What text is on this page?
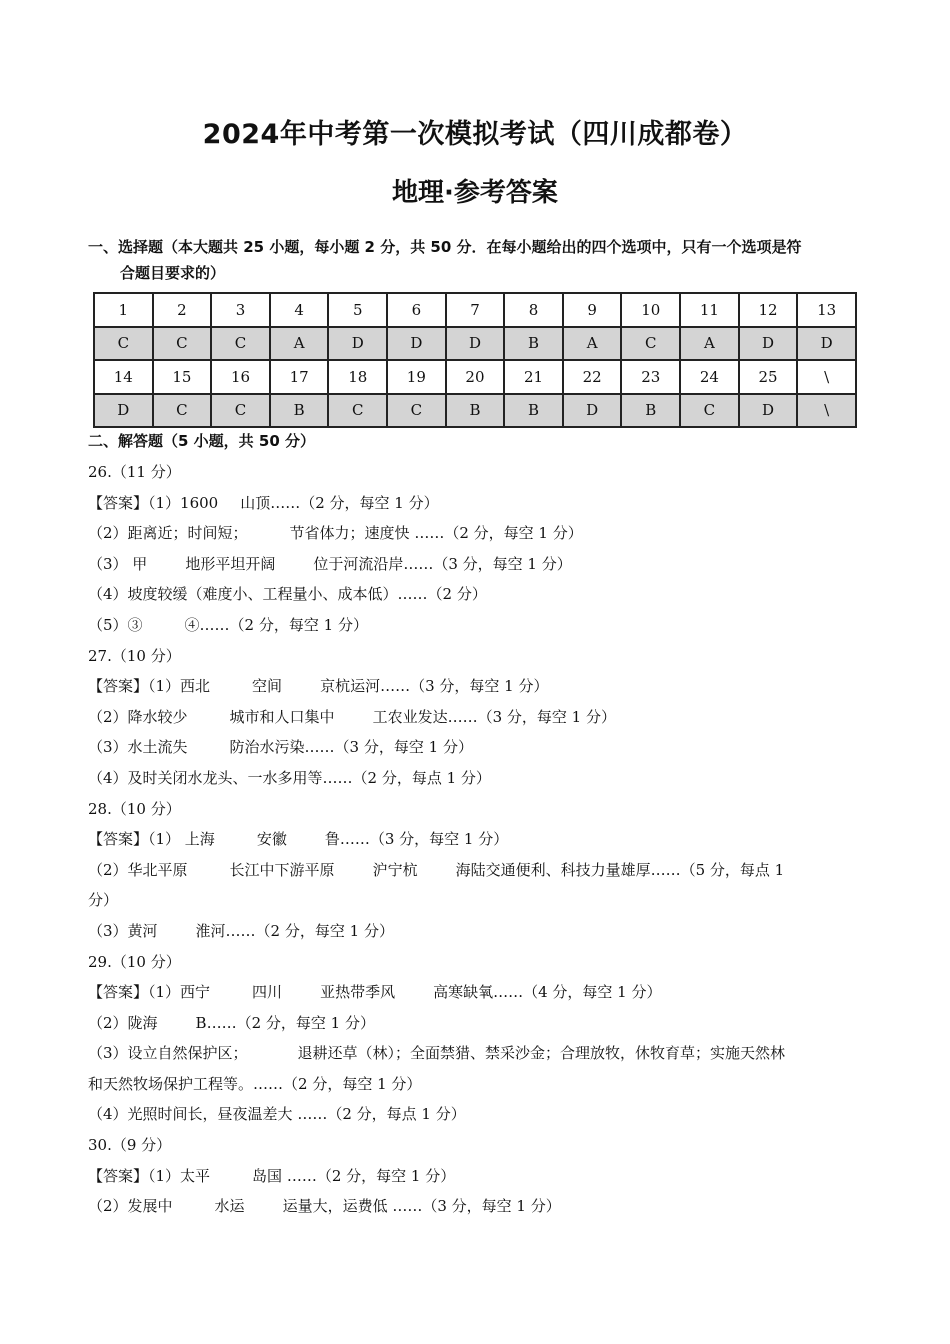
2024年中考第一次模拟考试（四川成都卷）
地理·参考答案
一、选择题（本大题共 25 小题，每小题 2 分，共 50 分．在每小题给出的四个选项中，只有一个选项是符
合题目要求的）
1	2	3	4	5	6	7	8	9	10	11	12	13
C	C	C	A	D	D	D	B	A	C	A	D	D
14	15	16	17	18	19	20	21	22	23	24	25	\
D	C	C	B	C	C	B	B	D	B	C	D	\
二、解答题（5 小题，共 50 分）
26.（11 分）
【答案】（1）1600 山顶……（2 分，每空 1 分）
（2）距离近；时间短；	节省体力；速度快 ……（2 分，每空 1 分）
（3） 甲	地形平坦开阔	位于河流沿岸……（3 分，每空 1 分）
（4）坡度较缓（难度小、工程量小、成本低）……（2 分）
（5）③	④……（2 分，每空 1 分）
27.（10 分）
【答案】（1）西北	空间	京杭运河……（3 分，每空 1 分）
（2）降水较少	城市和人口集中	工农业发达……（3 分，每空 1 分）
（3）水土流失	防治水污染……（3 分，每空 1 分）
（4）及时关闭水龙头、一水多用等……（2 分，每点 1 分）
28.（10 分）
【答案】（1） 上海	安徽	鲁……（3 分，每空 1 分）
（2）华北平原	长江中下游平原	沪宁杭	海陆交通便利、科技力量雄厚……（5 分，每点 1
分）
（3）黄河	淮河……（2 分，每空 1 分）
29.（10 分）
【答案】（1）西宁	四川	亚热带季风	高寒缺氧……（4 分，每空 1 分）
（2）陇海	B……（2 分，每空 1 分）
（3）设立自然保护区；	退耕还草（林）；全面禁猎、禁采沙金；合理放牧，休牧育草；实施天然林
和天然牧场保护工程等。……（2 分，每空 1 分）
（4）光照时间长，昼夜温差大 ……（2 分，每点 1 分）
30.（9 分）
【答案】（1）太平	岛国 ……（2 分，每空 1 分）
（2）发展中	水运	运量大，运费低 ……（3 分，每空 1 分）
